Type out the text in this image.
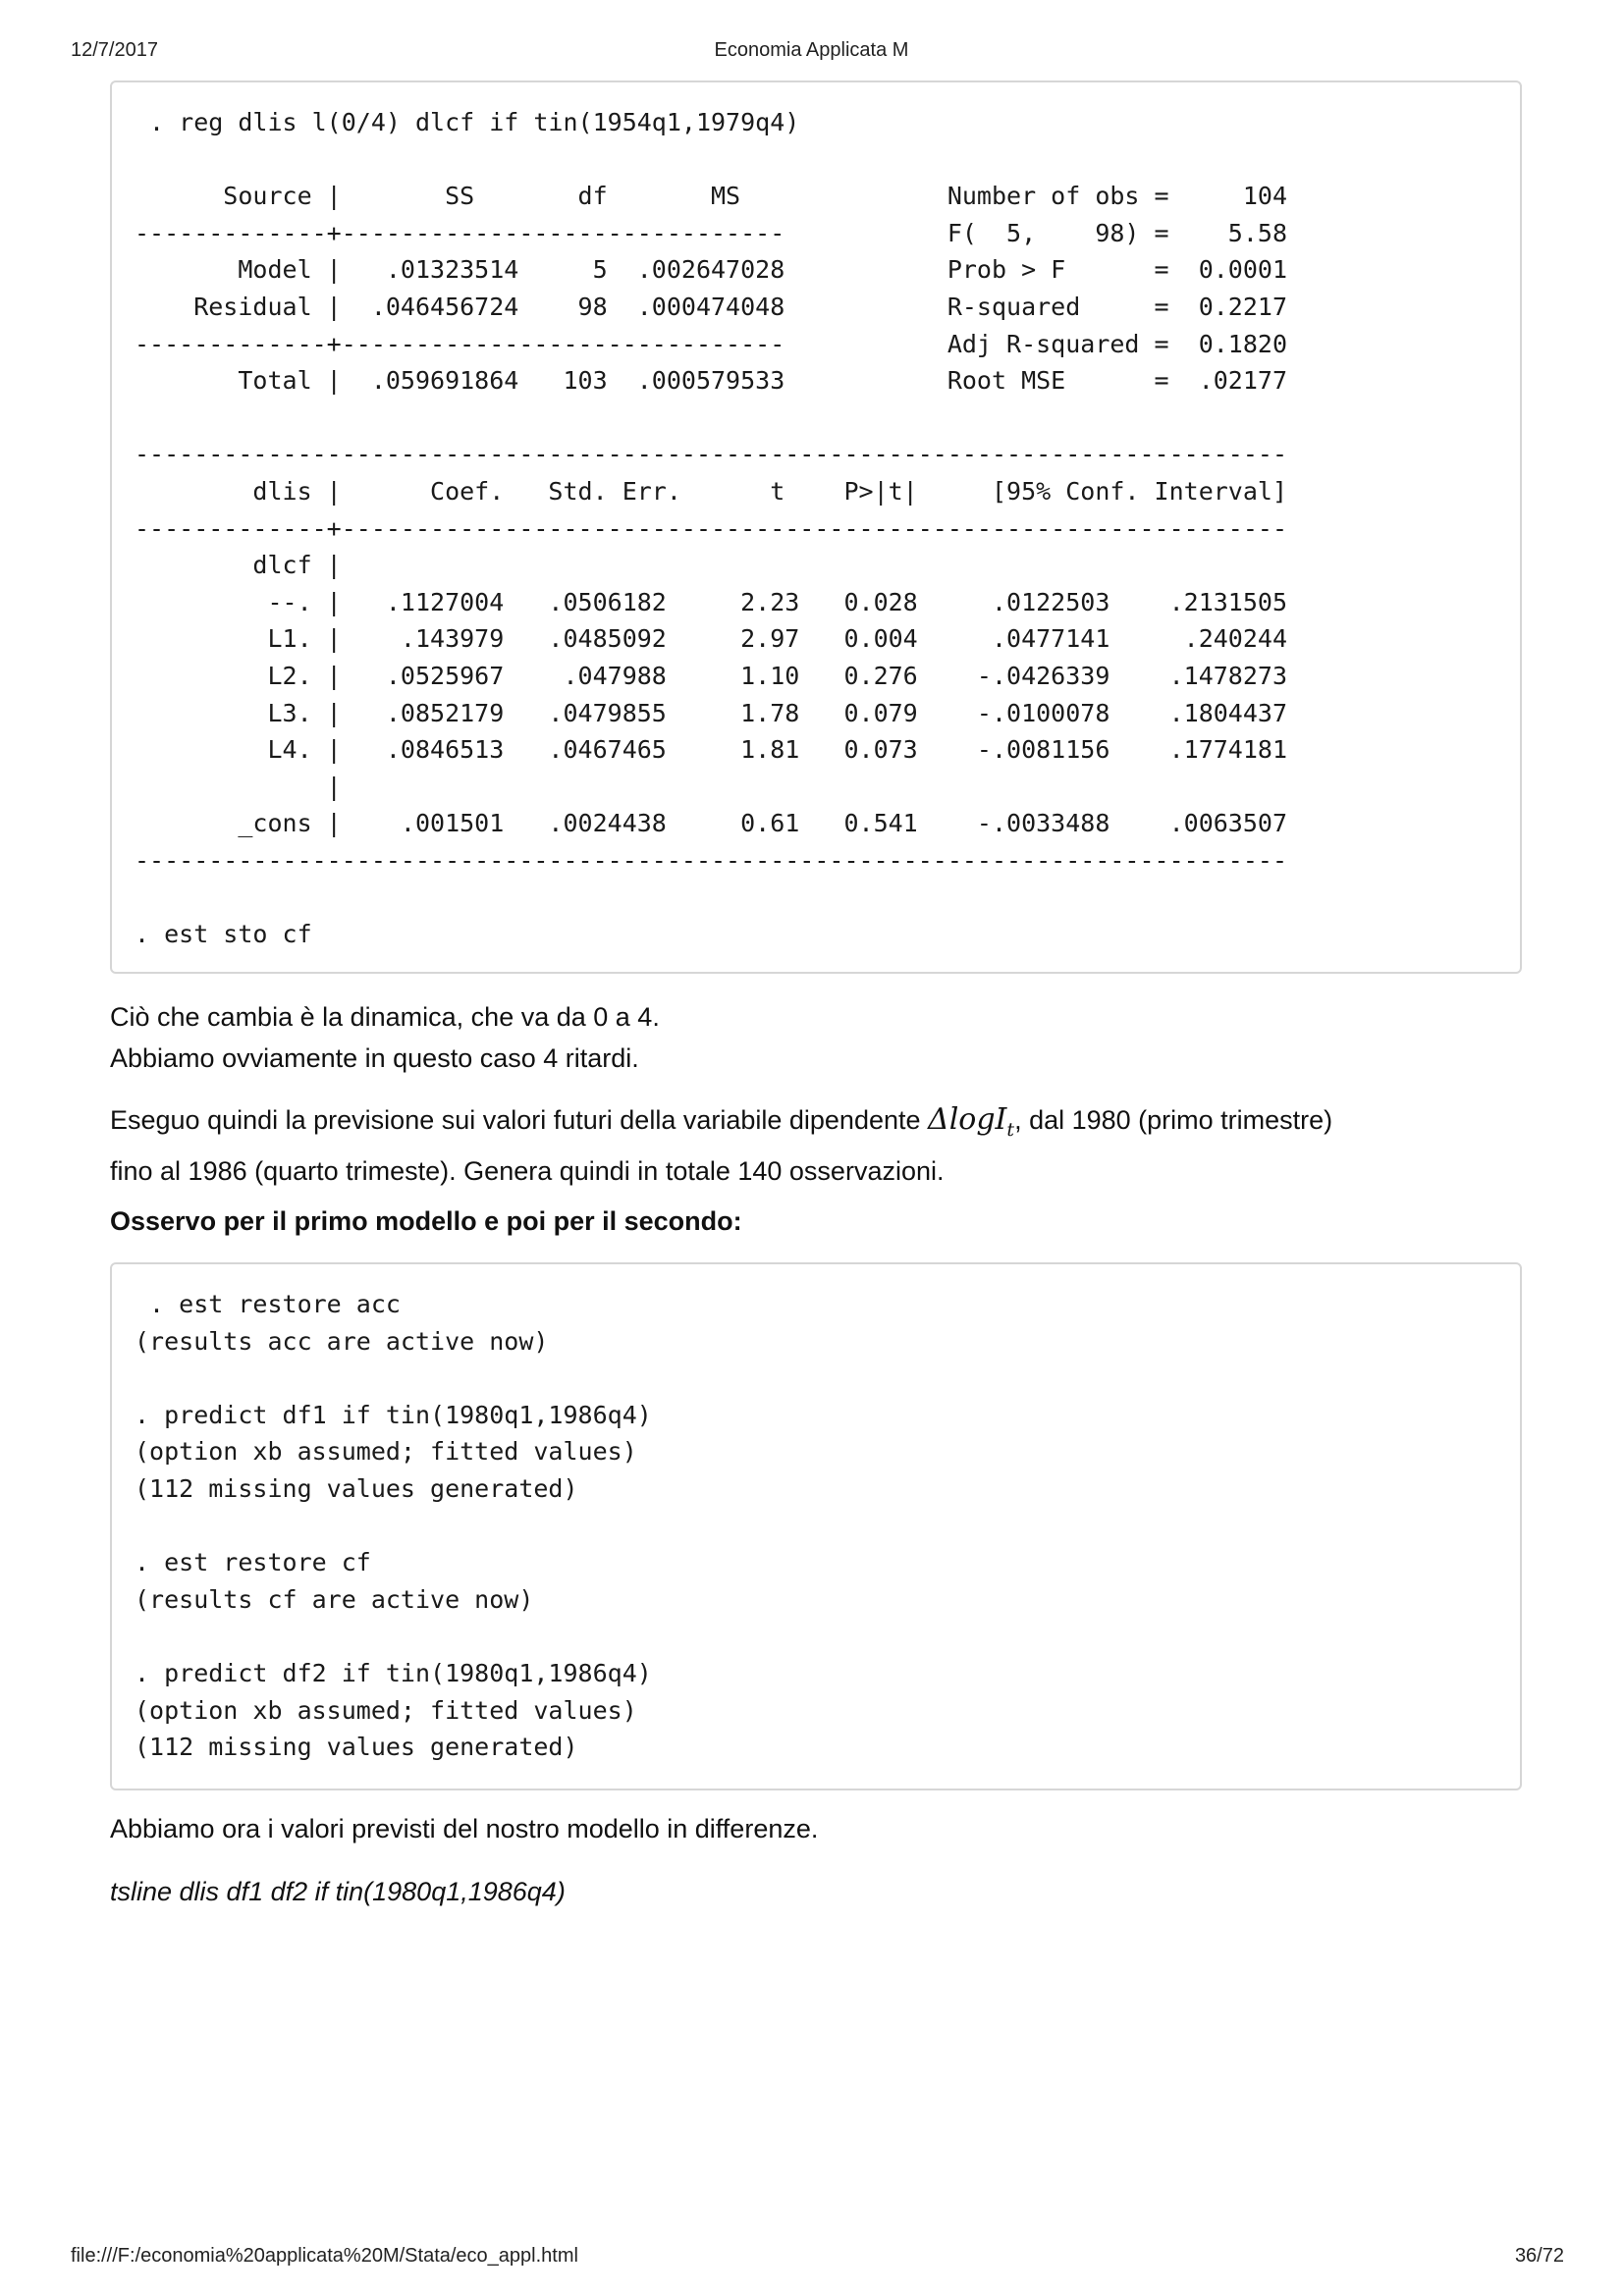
12/7/2017	Economia Applicata M
. reg dlis l(0/4) dlcf if tin(1954q1,1979q4)

Source |       SS       df       MS              Number of obs =     104
-------------+------------------------------           F(  5,    98) =    5.58
Model |   .01323514     5  .002647028           Prob > F      =  0.0001
Residual |  .046456724    98  .000474048           R-squared     =  0.2217
-------------+------------------------------           Adj R-squared =  0.1820
Total |  .059691864   103  .000579533           Root MSE      =  .02177

------------------------------------------------------------------------------
dlis |      Coef.   Std. Err.      t    P>|t|     [95% Conf. Interval]
-------------+----------------------------------------------------------------
dlcf |
--. |   .1127004   .0506182     2.23   0.028     .0122503    .2131505
L1. |    .143979   .0485092     2.97   0.004     .0477141     .240244
L2. |   .0525967    .047988     1.10   0.276    -.0426339    .1478273
L3. |   .0852179   .0479855     1.78   0.079    -.0100078    .1804437
L4. |   .0846513   .0467465     1.81   0.073    -.0081156    .1774181
|
_cons |    .001501   .0024438     0.61   0.541    -.0033488    .0063507
------------------------------------------------------------------------------

. est sto cf
Ciò che cambia è la dinamica, che va da 0 a 4.
Abbiamo ovviamente in questo caso 4 ritardi.
Eseguo quindi la previsione sui valori futuri della variabile dipendente ΔlogI$_t$, dal 1980 (primo trimestre)
fino al 1986 (quarto trimeste). Genera quindi in totale 140 osservazioni.
Osservo per il primo modello e poi per il secondo:
. est restore acc
(results acc are active now)

. predict df1 if tin(1980q1,1986q4)
(option xb assumed; fitted values)
(112 missing values generated)

. est restore cf
(results cf are active now)

. predict df2 if tin(1980q1,1986q4)
(option xb assumed; fitted values)
(112 missing values generated)
Abbiamo ora i valori previsti del nostro modello in differenze.
tsline dlis df1 df2 if tin(1980q1,1986q4)
file:///F:/economia%20applicata%20M/Stata/eco_appl.html	36/72
